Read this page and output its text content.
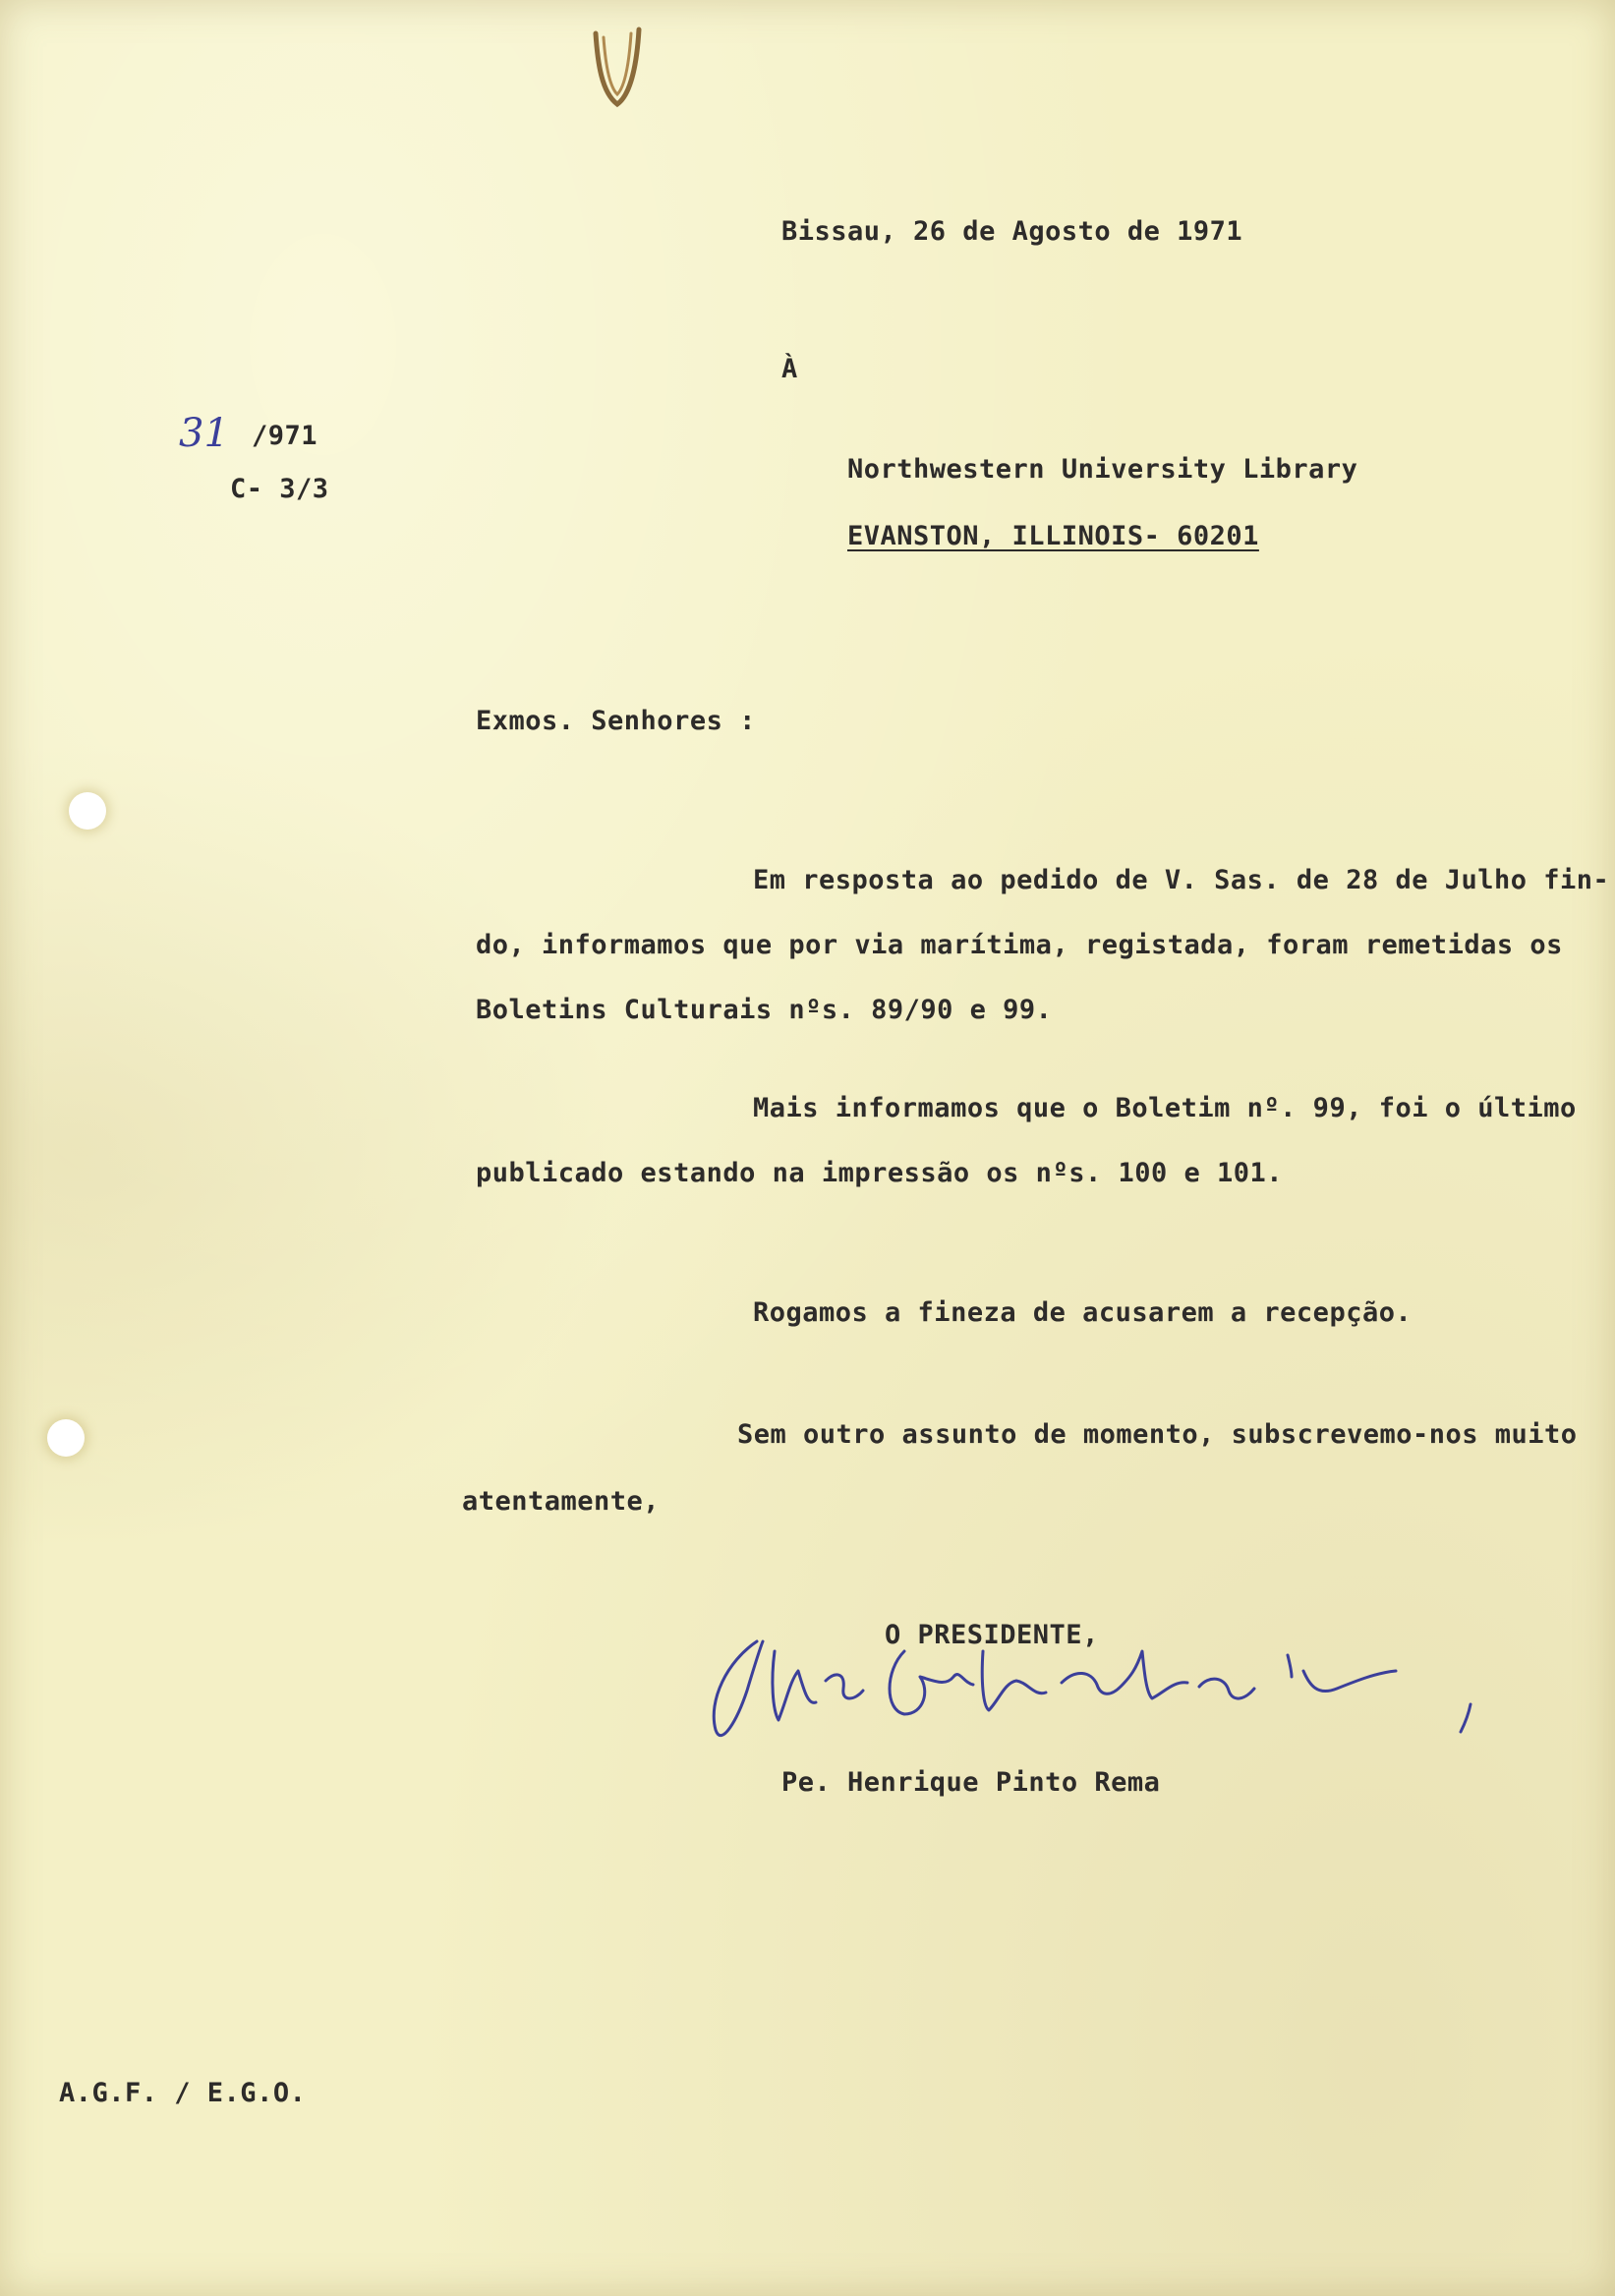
Bissau, 26 de Agosto de 1971

À

31 /971

C- 3/3

Northwestern University Library

EVANSTON, ILLINOIS- 60201

Exmos. Senhores :

Em resposta ao pedido de V. Sas. de 28 de Julho fin-

do, informamos que por via marítima, registada, foram remetidas os

Boletins Culturais nºs. 89/90 e 99.

Mais informamos que o Boletim nº. 99, foi o último

publicado estando na impressão os nºs. 100 e 101.

Rogamos a fineza de acusarem a recepção.

Sem outro assunto de momento, subscrevemo-nos muito

atentamente,

O PRESIDENTE,

Pe. Henrique Pinto Rema

A.G.F. / E.G.O.
